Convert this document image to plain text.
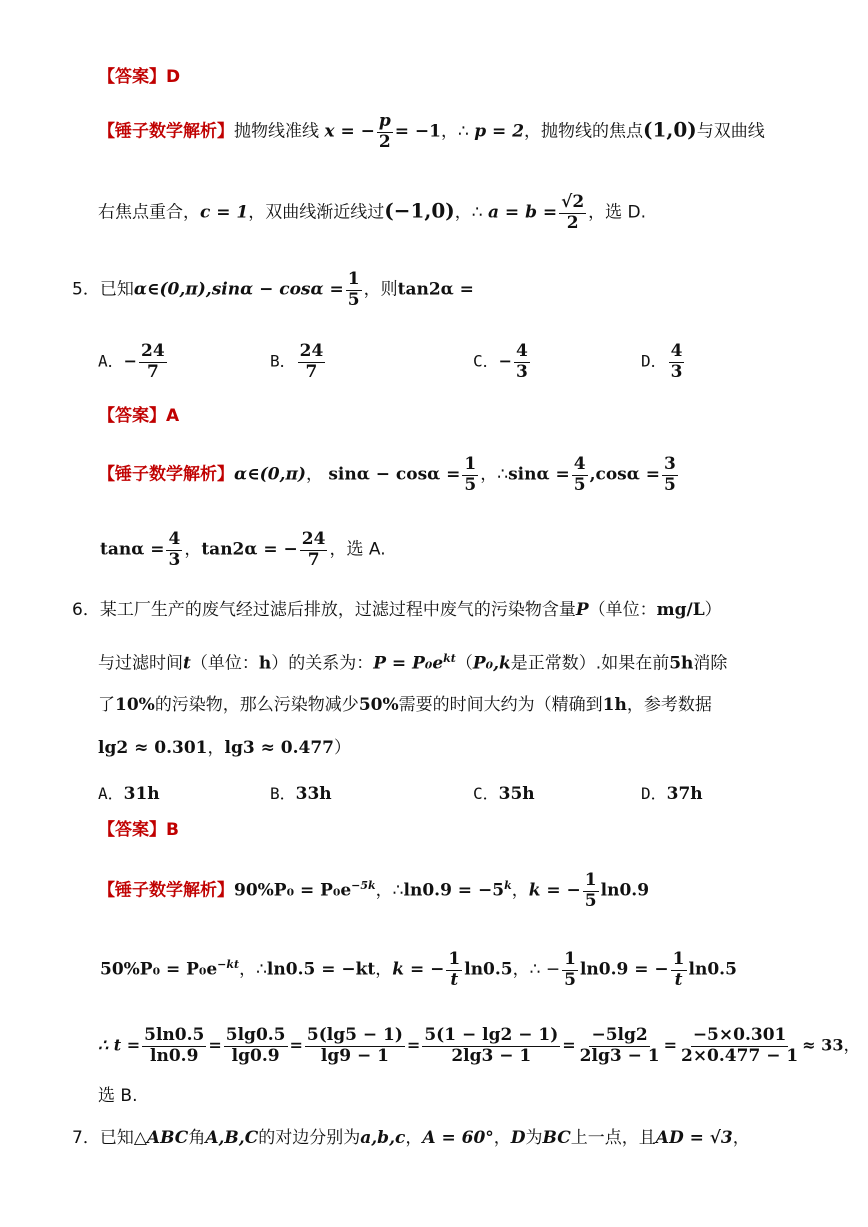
【答案】D
【锤子数学解析】抛物线准线 x = − $\frac{p}{2} = -1$，∴ p = 2，抛物线的焦点(1,0)与双曲线
右焦点重合，c = 1，双曲线渐近线过(−1,0)，∴ $a = b = \frac{√2}{2}$ ，选 D.
5．已知α∈(0,π),sinα − $\cos\alpha = \frac{1}{5}$ ，则tan2α =
A．− $\frac{24}{7}$	B． $\frac{24}{7}$	C．− $\frac{4}{3}$	D． $\frac{4}{3}$
【答案】A
【锤子数学解析】α∈(0,π)， $\sin\alpha - \cos\alpha = \frac{1}{5}$ ，∴sinα = $\frac{4}{5} ,\cos\alpha = \frac{3}{5}$
$\tan\alpha = \frac{4}{3}$ ，tan2α = − $\frac{24}{7}$ ，选 A.
6．某工厂生产的废气经过滤后排放，过滤过程中废气的污染物含量P（单位：mg/L）
与过滤时间t（单位：h）的关系为：$P = P_0e^{kt}(P_0,k$是正常数）.如果在前5h消除
了10%的污染物，那么污染物减少50%需要的时间大约为（精确到1h，参考数据
lg2 ≈ 0.301，lg3 ≈ 0.477）
A．31h	B．33h	C．35h	D．37h
【答案】B
【锤子数学解析】$90\%P_0 = P_0e^{-5k}$，∴ln0.9 = $-5^k$，k = − $\frac{1}{5} \ln 0.9$
$50\%P_0 = P_0e^{-kt}$，∴ln0.5 = −kt，k = − $\frac{1}{t} \ln 0.5$，∴ − $\frac{1}{5} \ln 0.9$ = − $\frac{1}{t} \ln 0.5$
∴ $t = \frac{5\ln 0.5}{\ln 0.9} = \frac{5\lg 0.5}{\lg 0.9} = \frac{5(\lg 5 - 1)}{\lg 9 - 1} = \frac{5(1 - \lg 2 - 1)}{2\lg 3 - 1} = \frac{-5\lg 2}{2\lg 3 - 1} = \frac{-5\times 0.301}{2\times 0.477 - 1} \approx 33$，
选 B.
7．已知△ABC角A,B,C的对边分别为a,b,c，A = 60°，D为BC上一点，且AD = √3，
